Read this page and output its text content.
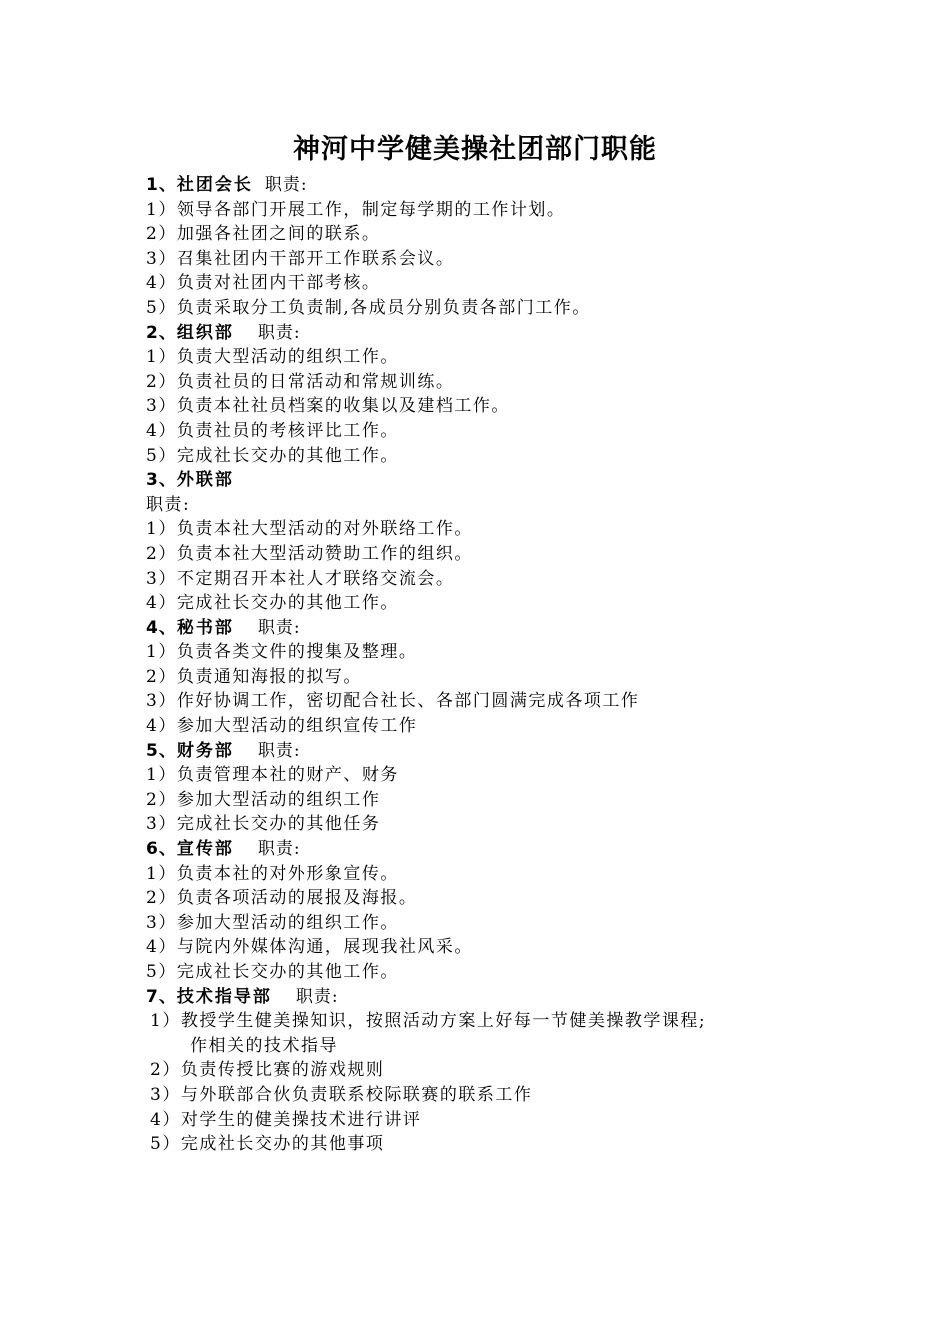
神河中学健美操社团部门职能
1、社团会长 职责:
1）领导各部门开展工作，制定每学期的工作计划。
2）加强各社团之间的联系。
3）召集社团内干部开工作联系会议。
4）负责对社团内干部考核。
5）负责采取分工负责制,各成员分别负责各部门工作。
2、组织部 职责:
1）负责大型活动的组织工作。
2）负责社员的日常活动和常规训练。
3）负责本社社员档案的收集以及建档工作。
4）负责社员的考核评比工作。
5）完成社长交办的其他工作。
3、外联部
职责:
1）负责本社大型活动的对外联络工作。
2）负责本社大型活动赞助工作的组织。
3）不定期召开本社人才联络交流会。
4）完成社长交办的其他工作。
4、秘书部 职责:
1）负责各类文件的搜集及整理。
2）负责通知海报的拟写。
3）作好协调工作，密切配合社长、各部门圆满完成各项工作
4）参加大型活动的组织宣传工作
5、财务部 职责:
1）负责管理本社的财产、财务
2）参加大型活动的组织工作
3）完成社长交办的其他任务
6、宣传部 职责:
1）负责本社的对外形象宣传。
2）负责各项活动的展报及海报。
3）参加大型活动的组织工作。
4）与院内外媒体沟通，展现我社风采。
5）完成社长交办的其他工作。
7、技术指导部 职责:
1）教授学生健美操知识，按照活动方案上好每一节健美操教学课程;
作相关的技术指导
2）负责传授比赛的游戏规则
3）与外联部合伙负责联系校际联赛的联系工作
4）对学生的健美操技术进行讲评
5）完成社长交办的其他事项
